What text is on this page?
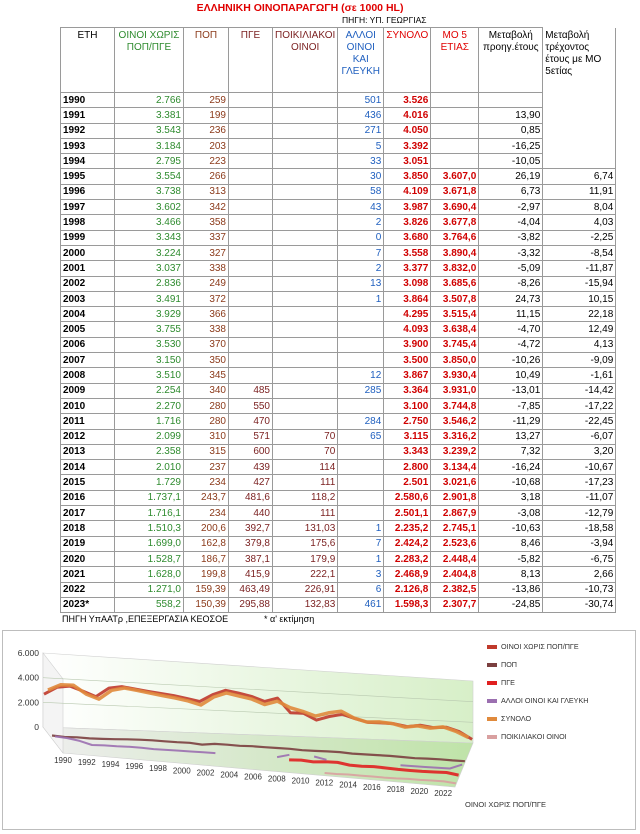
ΕΛΛΗΝΙΚΗ ΟΙΝΟΠΑΡΑΓΩΓΗ (σε 1000 HL)
ΠΗΓΗ: ΥΠ. ΓΕΩΡΓΙΑΣ
ΕΤΗ	ΟΙΝΟΙ ΧΩΡΙΣ ΠΟΠ/ΠΓΕ	ΠΟΠ	ΠΓΕ	ΠΟΙΚΙΛΙΑΚΟΙ ΟΙΝΟΙ	ΑΛΛΟΙ ΟΙΝΟΙ ΚΑΙ ΓΛΕΥΚΗ	ΣΥΝΟΛΟ	ΜΟ 5 ΕΤΙΑΣ	Μεταβολή προηγ.έτους	Μεταβολή τρέχοντος έτους με ΜΟ 5ετίας
1990	2.766	259			501	3.526			
1991	3.381	199			436	4.016		13,90	
1992	3.543	236			271	4.050		0,85	
1993	3.184	203			5	3.392		-16,25	
1994	2.795	223			33	3.051		-10,05	
1995	3.554	266			30	3.850	3.607,0	26,19	6,74
1996	3.738	313			58	4.109	3.671,8	6,73	11,91
1997	3.602	342			43	3.987	3.690,4	-2,97	8,04
1998	3.466	358			2	3.826	3.677,8	-4,04	4,03
1999	3.343	337			0	3.680	3.764,6	-3,82	-2,25
2000	3.224	327			7	3.558	3.890,4	-3,32	-8,54
2001	3.037	338			2	3.377	3.832,0	-5,09	-11,87
2002	2.836	249			13	3.098	3.685,6	-8,26	-15,94
2003	3.491	372			1	3.864	3.507,8	24,73	10,15
2004	3.929	366				4.295	3.515,4	11,15	22,18
2005	3.755	338				4.093	3.638,4	-4,70	12,49
2006	3.530	370				3.900	3.745,4	-4,72	4,13
2007	3.150	350				3.500	3.850,0	-10,26	-9,09
2008	3.510	345			12	3.867	3.930,4	10,49	-1,61
2009	2.254	340	485		285	3.364	3.931,0	-13,01	-14,42
2010	2.270	280	550			3.100	3.744,8	-7,85	-17,22
2011	1.716	280	470		284	2.750	3.546,2	-11,29	-22,45
2012	2.099	310	571	70	65	3.115	3.316,2	13,27	-6,07
2013	2.358	315	600	70		3.343	3.239,2	7,32	3,20
2014	2.010	237	439	114		2.800	3.134,4	-16,24	-10,67
2015	1.729	234	427	111		2.501	3.021,6	-10,68	-17,23
2016	1.737,1	243,7	481,6	118,2		2.580,6	2.901,8	3,18	-11,07
2017	1.716,1	234	440	111		2.501,1	2.867,9	-3,08	-12,79
2018	1.510,3	200,6	392,7	131,03	1	2.235,2	2.745,1	-10,63	-18,58
2019	1.699,0	162,8	379,8	175,6	7	2.424,2	2.523,6	8,46	-3,94
2020	1.528,7	186,7	387,1	179,9	1	2.283,2	2.448,4	-5,82	-6,75
2021	1.628,0	199,8	415,9	222,1	3	2.468,9	2.404,8	8,13	2,66
2022	1.271,0	159,39	463,49	226,91	6	2.126,8	2.382,5	-13,86	-10,73
2023*	558,2	150,39	295,88	132,83	461	1.598,3	2.307,7	-24,85	-30,74
ΠΗΓΗ ΥπΑΑΤρ ,ΕΠΕΞΕΡΓΑΣΙΑ ΚΕΟΣΟΕ	* α' εκτίμηση
0
2.000
4.000
6.000
1990 1992 1994 1996 1998 2000 2002 2004 2006 2008 2010 2012 2014 2016 2018 2020 2022
ΟΙΝΟΙ ΧΩΡΙΣ ΠΟΠ/ΠΓΕ
ΟΙΝΟΙ ΧΩΡΙΣ ΠΟΠ/ΠΓΕ
ΠΟΠ
ΠΓΕ
ΑΛΛΟΙ ΟΙΝΟΙ ΚΑΙ ΓΛΕΥΚΗ
ΣΥΝΟΛΟ
ΠΟΙΚΙΛΙΑΚΟΙ ΟΙΝΟΙ
